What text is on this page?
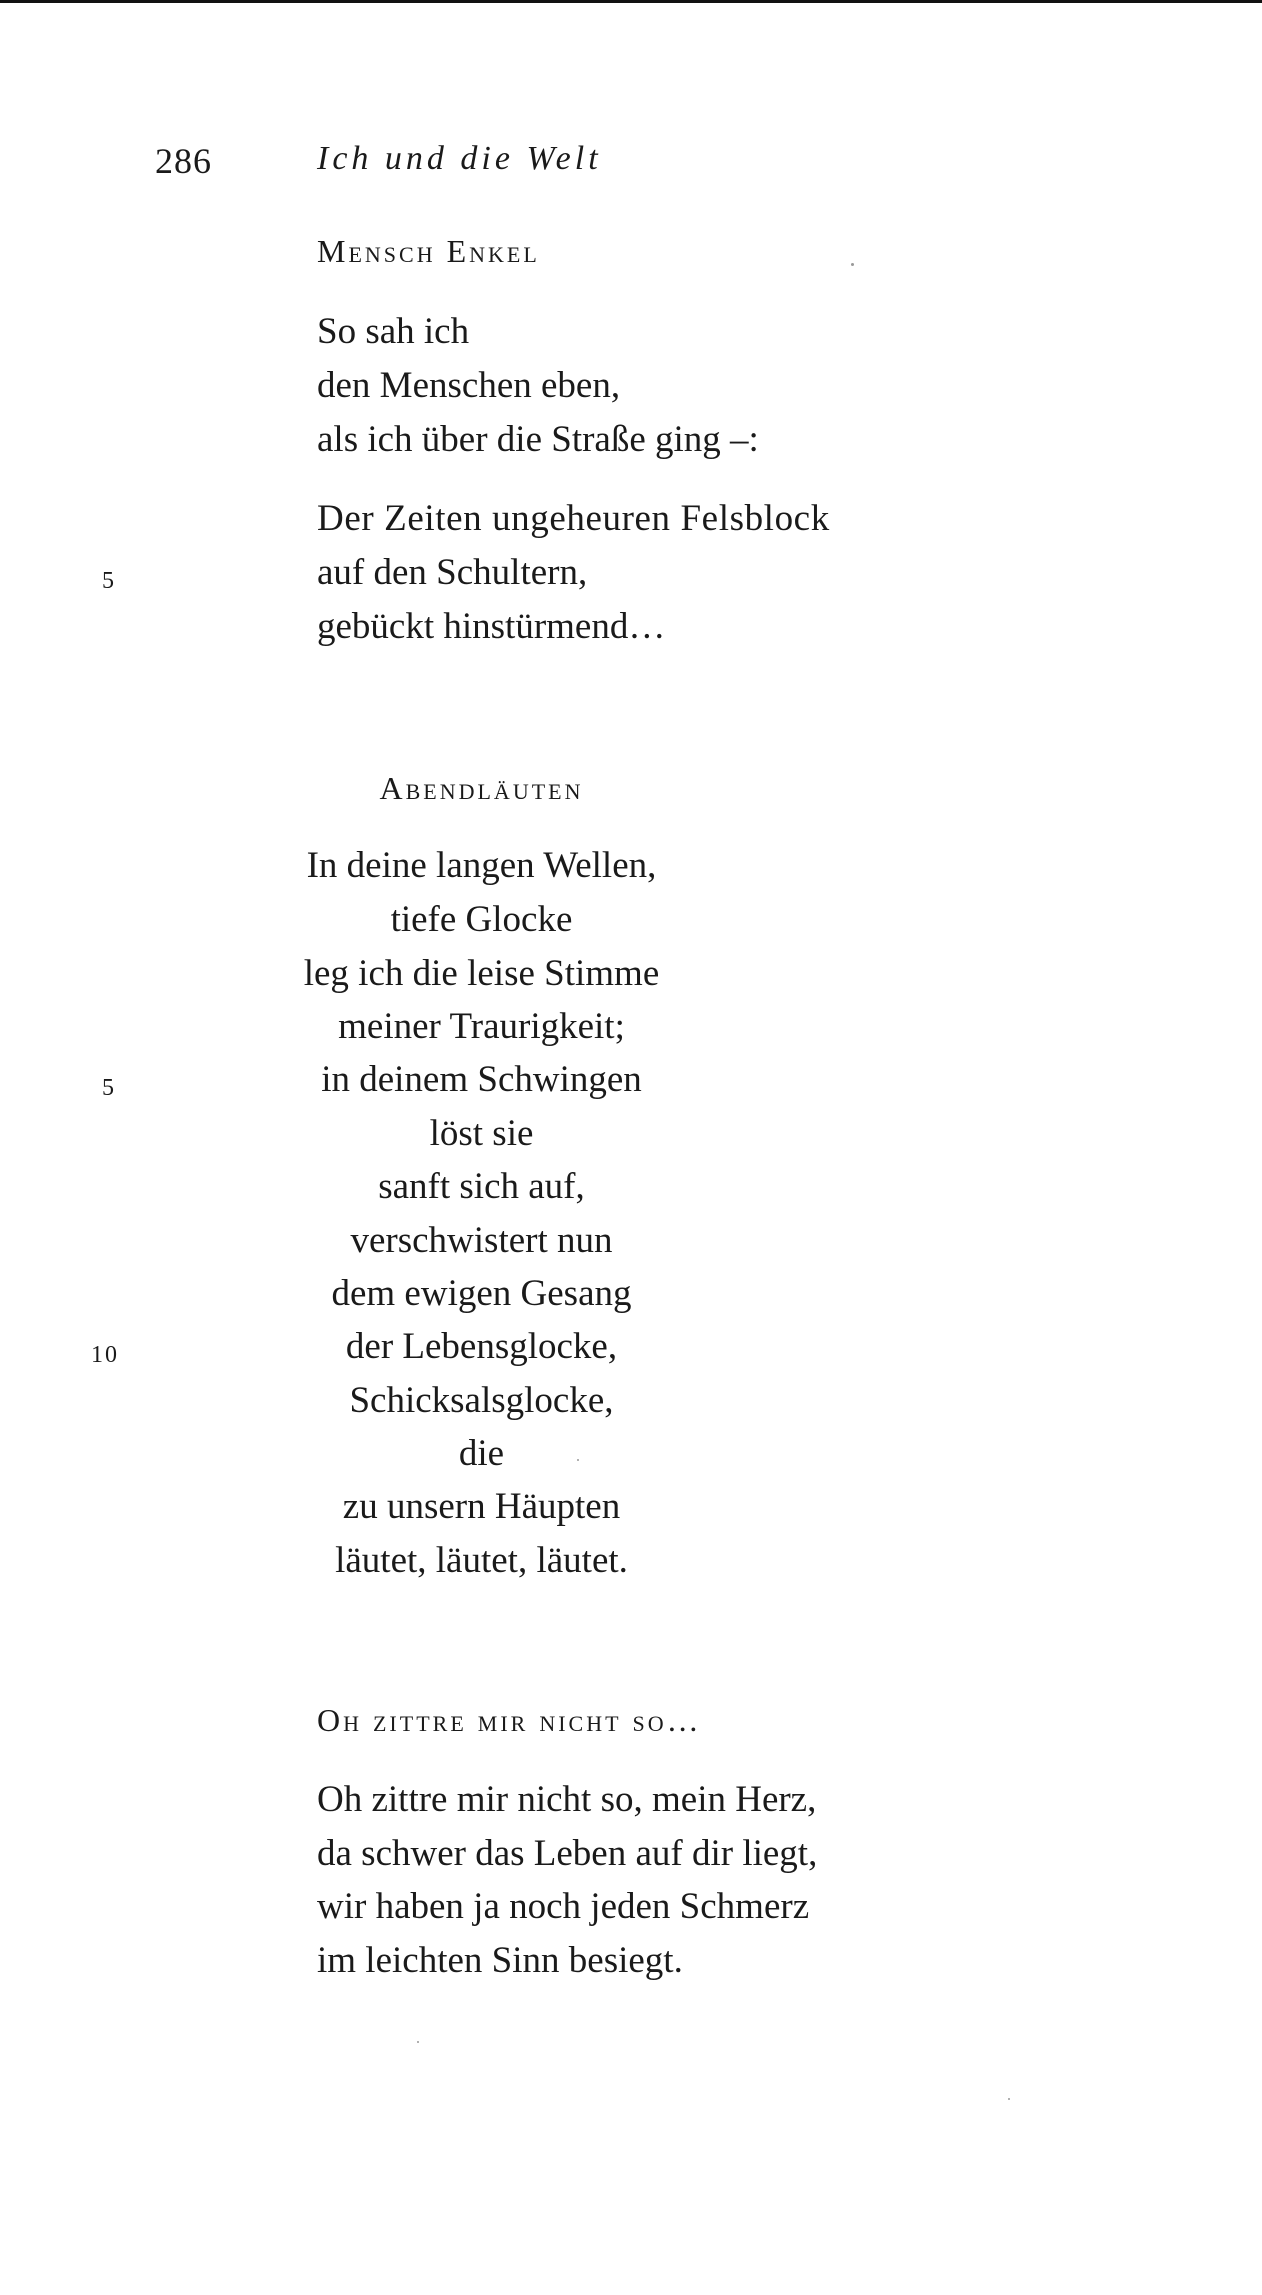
286	Ich und die Welt
Mensch Enkel
So sah ich
den Menschen eben,
als ich über die Straße ging –:
Der Zeiten ungeheuren Felsblock
5	auf den Schultern,
gebückt hinstürmend…
Abendläuten
In deine langen Wellen,
tiefe Glocke
leg ich die leise Stimme
meiner Traurigkeit;
5	in deinem Schwingen
löst sie
sanft sich auf,
verschwistert nun
dem ewigen Gesang
10	der Lebensglocke,
Schicksalsglocke,
die
zu unsern Häupten
läutet, läutet, läutet.
Oh zittre mir nicht so…
Oh zittre mir nicht so, mein Herz,
da schwer das Leben auf dir liegt,
wir haben ja noch jeden Schmerz
im leichten Sinn besiegt.
